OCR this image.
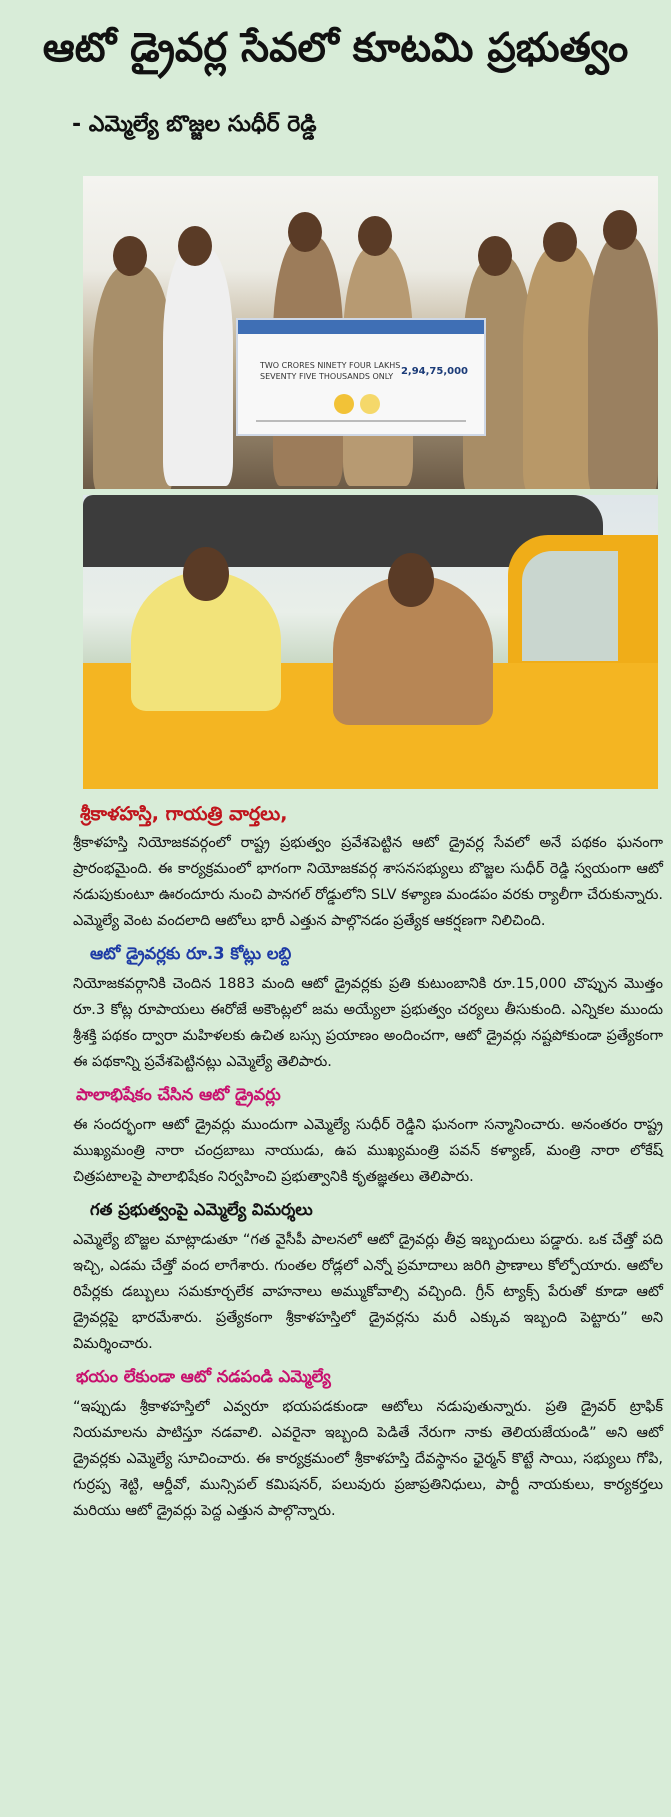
ఆటో డ్రైవర్ల సేవలో కూటమి ప్రభుత్వం
- ఎమ్మెల్యే బొజ్జల సుధీర్ రెడ్డి
TWO CRORES NINETY FOUR LAKHS SEVENTY FIVE THOUSANDS ONLY 2,94,75,000
శ్రీకాళహస్తి, గాయత్రి వార్తలు,

శ్రీకాళహస్తి నియోజకవర్గంలో రాష్ట్ర ప్రభుత్వం ప్రవేశపెట్టిన ఆటో డ్రైవర్ల సేవలో అనే పథకం ఘనంగా ప్రారంభమైంది. ఈ కార్యక్రమంలో భాగంగా నియోజకవర్గ శాసనసభ్యులు బొజ్జల సుధీర్ రెడ్డి స్వయంగా ఆటో నడుపుకుంటూ ఊరందూరు నుంచి పానగల్ రోడ్డులోని SLV కళ్యాణ మండపం వరకు ర్యాలీగా చేరుకున్నారు. ఎమ్మెల్యే వెంట వందలాది ఆటోలు భారీ ఎత్తున పాల్గొనడం ప్రత్యేక ఆకర్షణగా నిలిచింది.

ఆటో డ్రైవర్లకు రూ.3 కోట్లు లబ్ది

నియోజకవర్గానికి చెందిన 1883 మంది ఆటో డ్రైవర్లకు ప్రతి కుటుంబానికి రూ.15,000 చొప్పున మొత్తం రూ.3 కోట్ల రూపాయలు ఈరోజే అకౌంట్లలో జమ అయ్యేలా ప్రభుత్వం చర్యలు తీసుకుంది. ఎన్నికల ముందు శ్రీశక్తి పథకం ద్వారా మహిళలకు ఉచిత బస్సు ప్రయాణం అందించగా, ఆటో డ్రైవర్లు నష్టపోకుండా ప్రత్యేకంగా ఈ పథకాన్ని ప్రవేశపెట్టినట్లు ఎమ్మెల్యే తెలిపారు.

పాలాభిషేకం చేసిన ఆటో డ్రైవర్లు

ఈ సందర్భంగా ఆటో డ్రైవర్లు ముందుగా ఎమ్మెల్యే సుధీర్ రెడ్డిని ఘనంగా సన్మానించారు. అనంతరం రాష్ట్ర ముఖ్యమంత్రి నారా చంద్రబాబు నాయుడు, ఉప ముఖ్యమంత్రి పవన్ కళ్యాణ్, మంత్రి నారా లోకేష్ చిత్రపటాలపై పాలాభిషేకం నిర్వహించి ప్రభుత్వానికి కృతజ్ఞతలు తెలిపారు.

గత ప్రభుత్వంపై ఎమ్మెల్యే విమర్శలు

ఎమ్మెల్యే బొజ్జల మాట్లాడుతూ “గత వైసీపీ పాలనలో ఆటో డ్రైవర్లు తీవ్ర ఇబ్బందులు పడ్డారు. ఒక చేత్తో పది ఇచ్చి, ఎడమ చేత్తో వంద లాగేశారు. గుంతల రోడ్లలో ఎన్నో ప్రమాదాలు జరిగి ప్రాణాలు కోల్పోయారు. ఆటోల రిపేర్లకు డబ్బులు సమకూర్చలేక వాహనాలు అమ్ముకోవాల్సి వచ్చింది. గ్రీన్ ట్యాక్స్ పేరుతో కూడా ఆటో డ్రైవర్లపై భారమేశారు. ప్రత్యేకంగా శ్రీకాళహస్తిలో డ్రైవర్లను మరీ ఎక్కువ ఇబ్బంది పెట్టారు” అని విమర్శించారు.

భయం లేకుండా ఆటో నడపండి ఎమ్మెల్యే

“ఇప్పుడు శ్రీకాళహస్తిలో ఎవ్వరూ భయపడకుండా ఆటోలు నడుపుతున్నారు. ప్రతి డ్రైవర్ ట్రాఫిక్ నియమాలను పాటిస్తూ నడవాలి. ఎవరైనా ఇబ్బంది పెడితే నేరుగా నాకు తెలియజేయండి” అని ఆటో డ్రైవర్లకు ఎమ్మెల్యే సూచించారు. ఈ కార్యక్రమంలో శ్రీకాళహస్తి దేవస్థానం ఛైర్మన్ కొట్టే సాయి, సభ్యులు గోపి, గుర్రప్ప శెట్టి, ఆర్డీవో, మున్సిపల్ కమిషనర్, పలువురు ప్రజాప్రతినిధులు, పార్టీ నాయకులు, కార్యకర్తలు మరియు ఆటో డ్రైవర్లు పెద్ద ఎత్తున పాల్గొన్నారు.
